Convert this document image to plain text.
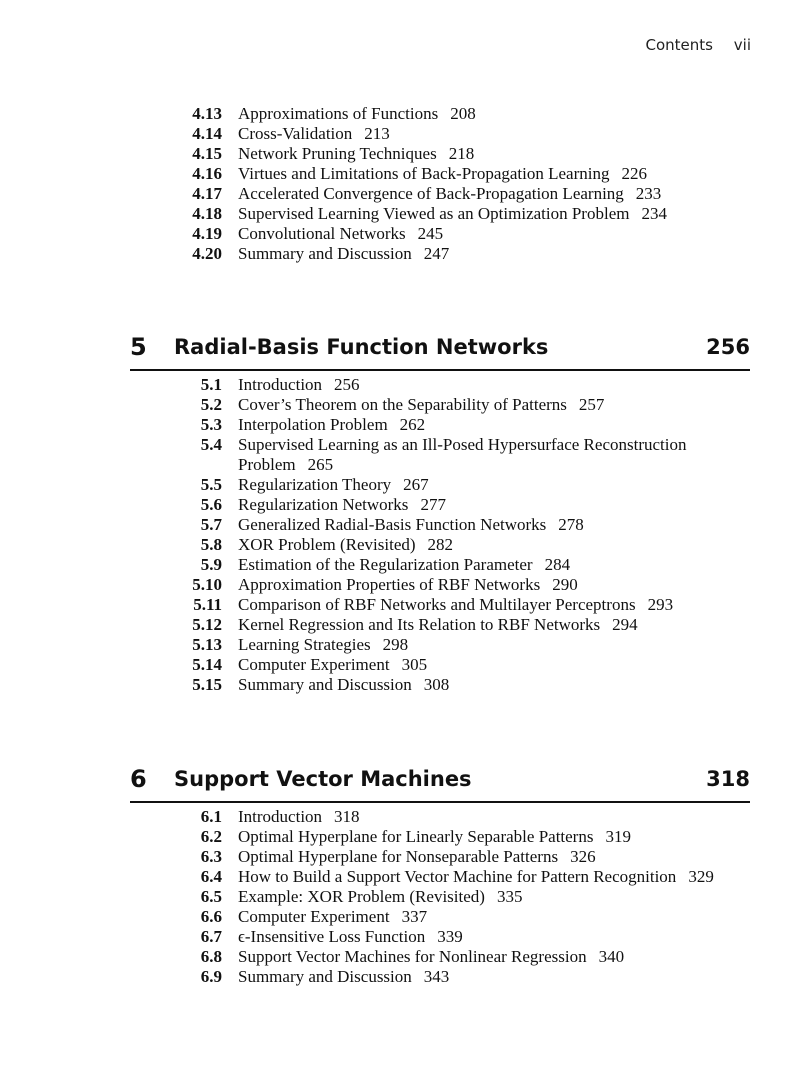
Contents vii
4.13 Approximations of Functions 208
4.14 Cross-Validation 213
4.15 Network Pruning Techniques 218
4.16 Virtues and Limitations of Back-Propagation Learning 226
4.17 Accelerated Convergence of Back-Propagation Learning 233
4.18 Supervised Learning Viewed as an Optimization Problem 234
4.19 Convolutional Networks 245
4.20 Summary and Discussion 247
5 Radial-Basis Function Networks	256
5.1 Introduction 256
5.2 Cover’s Theorem on the Separability of Patterns 257
5.3 Interpolation Problem 262
5.4 Supervised Learning as an Ill-Posed Hypersurface Reconstruction
Problem 265
5.5 Regularization Theory 267
5.6 Regularization Networks 277
5.7 Generalized Radial-Basis Function Networks 278
5.8 XOR Problem (Revisited) 282
5.9 Estimation of the Regularization Parameter 284
5.10 Approximation Properties of RBF Networks 290
5.11 Comparison of RBF Networks and Multilayer Perceptrons 293
5.12 Kernel Regression and Its Relation to RBF Networks 294
5.13 Learning Strategies 298
5.14 Computer Experiment 305
5.15 Summary and Discussion 308
6 Support Vector Machines	318
6.1 Introduction 318
6.2 Optimal Hyperplane for Linearly Separable Patterns 319
6.3 Optimal Hyperplane for Nonseparable Patterns 326
6.4 How to Build a Support Vector Machine for Pattern Recognition 329
6.5 Example: XOR Problem (Revisited) 335
6.6 Computer Experiment 337
6.7 ϵ-Insensitive Loss Function 339
6.8 Support Vector Machines for Nonlinear Regression 340
6.9 Summary and Discussion 343
